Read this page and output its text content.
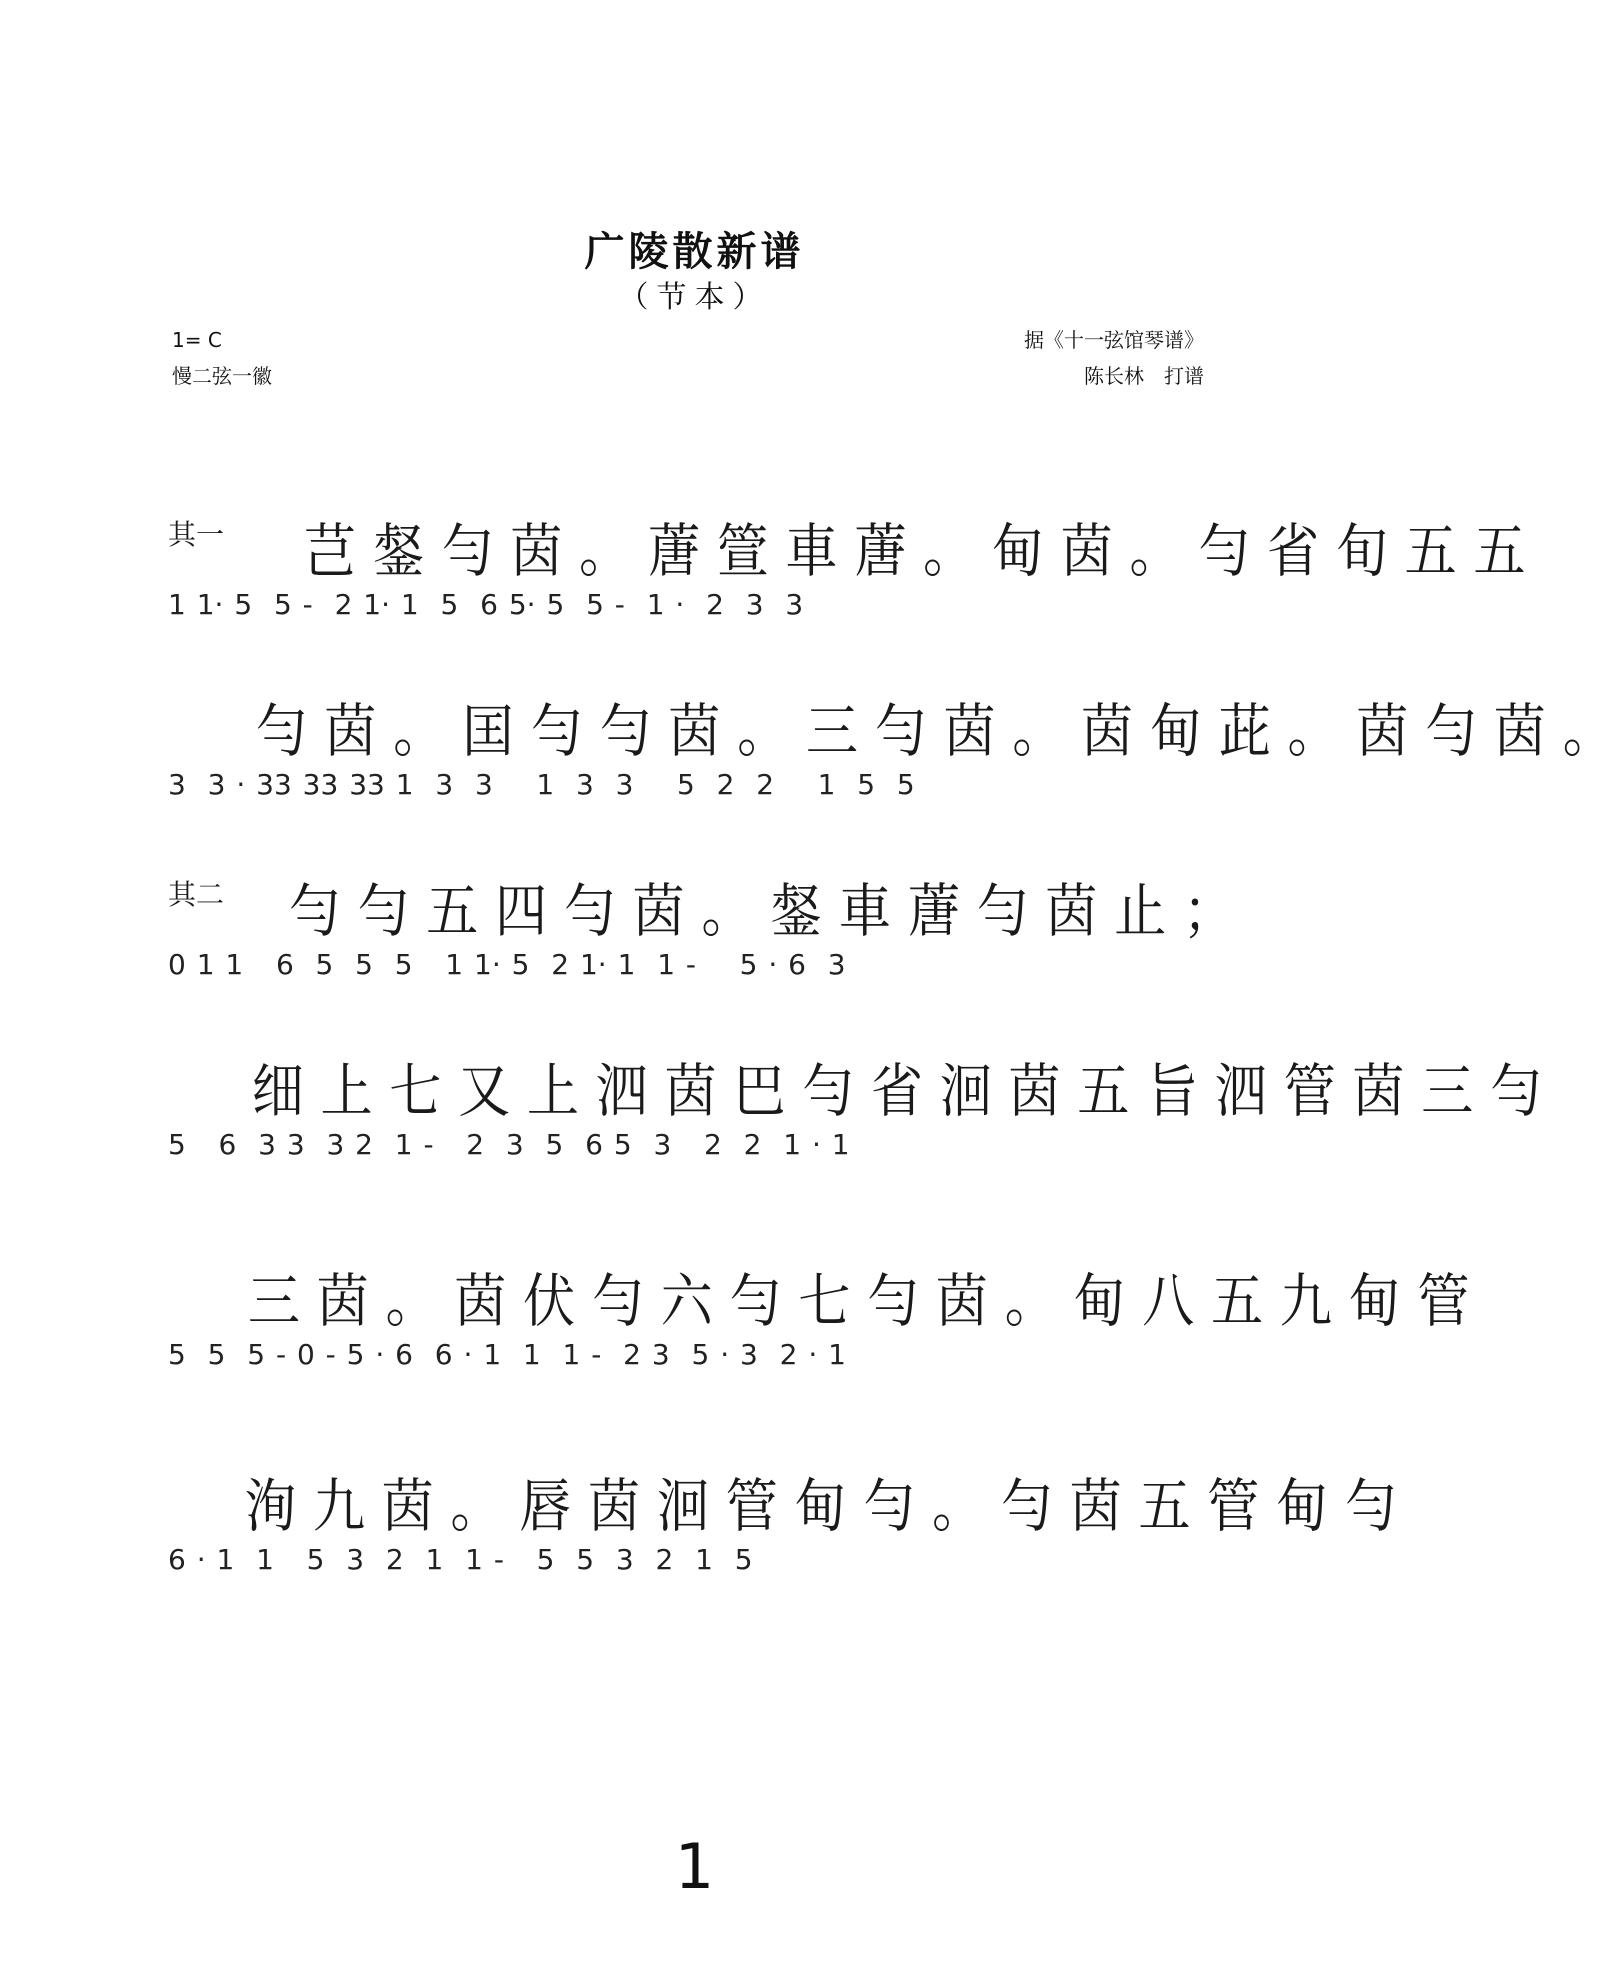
广陵散新谱
（节本）
1= C
慢二弦一徽
据《十一弦馆琴谱》
陈长林　打谱
其一 芑 錖 勻 茵 。 蓎 箮 車 蓎 。 甸 茵 。 勻 省 旬 五 五
1 1· 5  5 -  2 1· 1  5  6 5· 5  5 -  1 ·  2  3  3
勻 茵 。 囯 勻 勻 茵 。 三 勻 茵 。 茵 甸 茈 。 茵 勻 茵 。
3  3 · 33 33 33 1  3  3    1  3  3    5  2  2    1  5  5
其二 勻 勻 五 四 勻 茵 。 錖 車 蓎 勻 茵 止 ；
0 1 1   6  5  5  5   1 1· 5  2 1· 1  1 -    5 · 6  3
细 上 七 又 上 泗 茵 巴 勻 省 洄 茵 五 旨 泗 管 茵 三 勻
5   6  3 3  3 2  1 -   2  3  5  6 5  3   2  2  1 · 1
三 茵 。 茵 伏 勻 六 勻 七 勻 茵 。 甸 八 五 九 甸 管
5  5  5 - 0 - 5 · 6  6 · 1  1  1 -  2 3  5 · 3  2 · 1
洵 九 茵 。 唇 茵 洄 管 甸 勻 。 勻 茵 五 管 甸 勻
6 · 1  1   5  3  2  1  1 -   5  5  3  2  1  5
1
